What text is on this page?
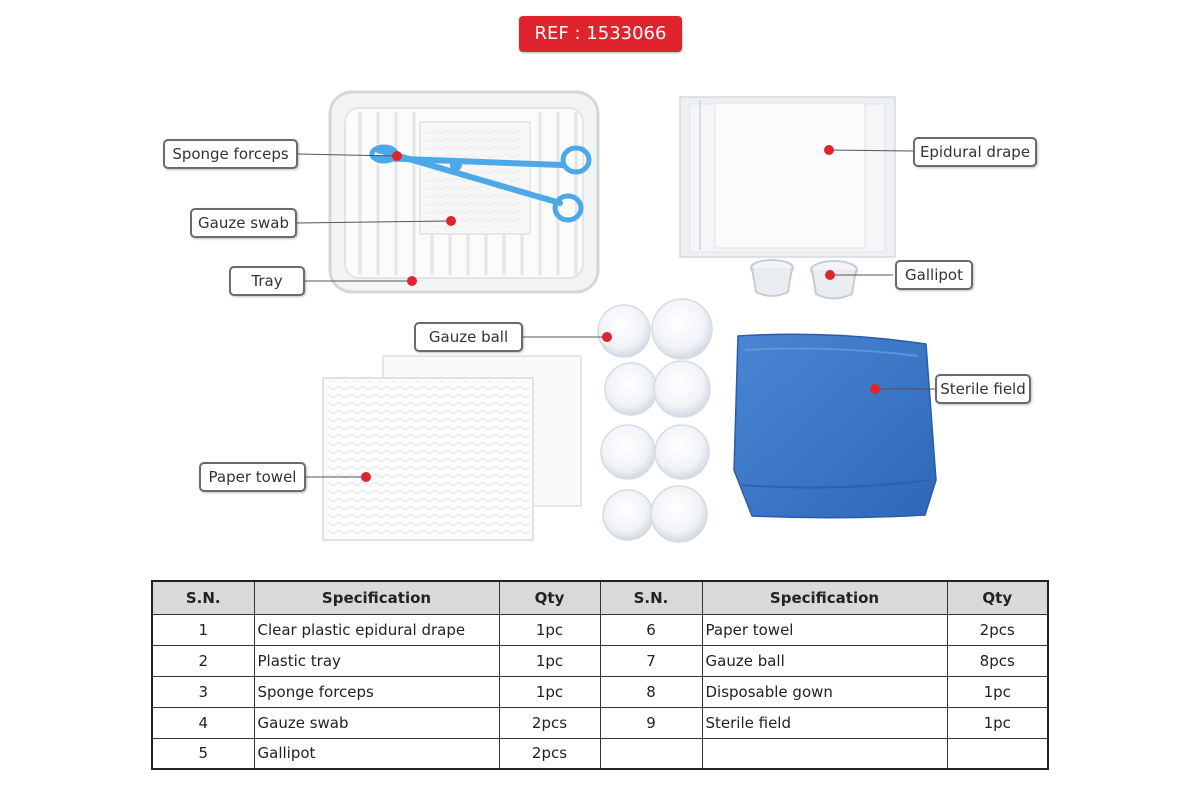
REF : 1533066
Sponge forceps
Gauze swab
Tray
Epidural drape
Gallipot
Gauze ball
Sterile field
Paper towel
S.N.	Specification	Qty	S.N.	Specification	Qty
1	Clear plastic epidural drape	1pc	6	Paper towel	2pcs
2	Plastic tray	1pc	7	Gauze ball	8pcs
3	Sponge forceps	1pc	8	Disposable gown	1pc
4	Gauze swab	2pcs	9	Sterile field	1pc
5	Gallipot	2pcs			
